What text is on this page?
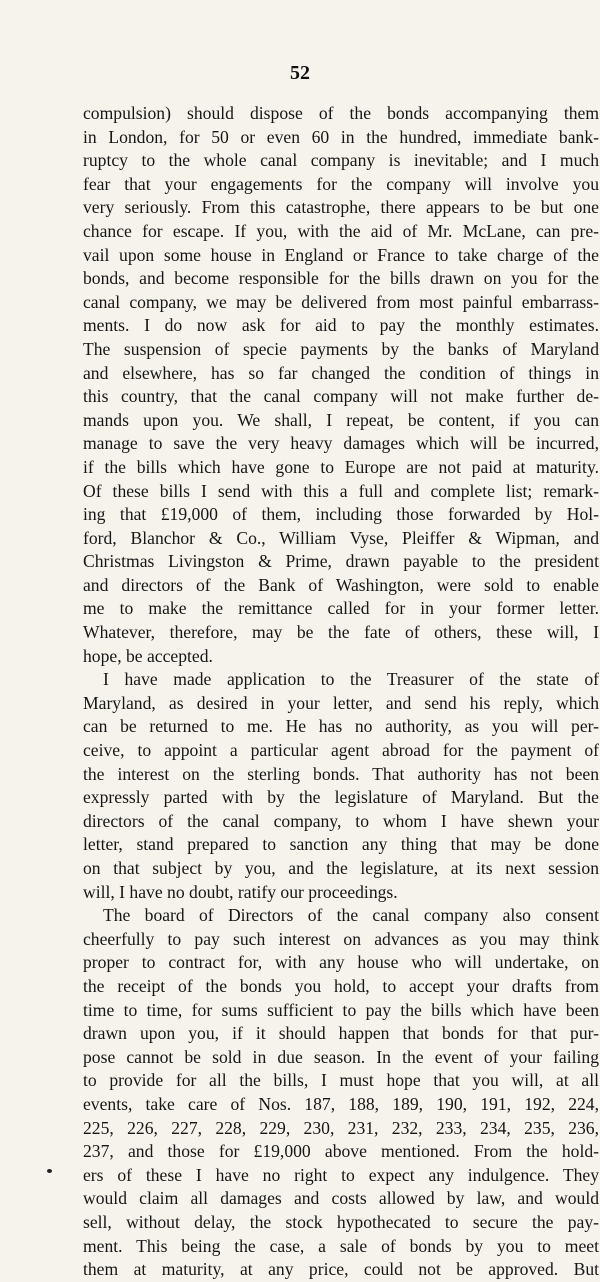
52
compulsion) should dispose of the bonds accompanying them
in London, for 50 or even 60 in the hundred, immediate bank-
ruptcy to the whole canal company is inevitable; and I much
fear that your engagements for the company will involve you
very seriously. From this catastrophe, there appears to be but one
chance for escape. If you, with the aid of Mr. McLane, can pre-
vail upon some house in England or France to take charge of the
bonds, and become responsible for the bills drawn on you for the
canal company, we may be delivered from most painful embarrass-
ments. I do now ask for aid to pay the monthly estimates.
The suspension of specie payments by the banks of Maryland
and elsewhere, has so far changed the condition of things in
this country, that the canal company will not make further de-
mands upon you. We shall, I repeat, be content, if you can
manage to save the very heavy damages which will be incurred,
if the bills which have gone to Europe are not paid at maturity.
Of these bills I send with this a full and complete list; remark-
ing that £19,000 of them, including those forwarded by Hol-
ford, Blanchor & Co., William Vyse, Pleiffer & Wipman, and
Christmas Livingston & Prime, drawn payable to the president
and directors of the Bank of Washington, were sold to enable
me to make the remittance called for in your former letter.
Whatever, therefore, may be the fate of others, these will, I
hope, be accepted.
I have made application to the Treasurer of the state of
Maryland, as desired in your letter, and send his reply, which
can be returned to me. He has no authority, as you will per-
ceive, to appoint a particular agent abroad for the payment of
the interest on the sterling bonds. That authority has not been
expressly parted with by the legislature of Maryland. But the
directors of the canal company, to whom I have shewn your
letter, stand prepared to sanction any thing that may be done
on that subject by you, and the legislature, at its next session
will, I have no doubt, ratify our proceedings.
The board of Directors of the canal company also consent
cheerfully to pay such interest on advances as you may think
proper to contract for, with any house who will undertake, on
the receipt of the bonds you hold, to accept your drafts from
time to time, for sums sufficient to pay the bills which have been
drawn upon you, if it should happen that bonds for that pur-
pose cannot be sold in due season. In the event of your failing
to provide for all the bills, I must hope that you will, at all
events, take care of Nos. 187, 188, 189, 190, 191, 192, 224,
225, 226, 227, 228, 229, 230, 231, 232, 233, 234, 235, 236,
237, and those for £19,000 above mentioned. From the hold-
ers of these I have no right to expect any indulgence. They
would claim all damages and costs allowed by law, and would
sell, without delay, the stock hypothecated to secure the pay-
ment. This being the case, a sale of bonds by you to meet
them at maturity, at any price, could not be approved. But
